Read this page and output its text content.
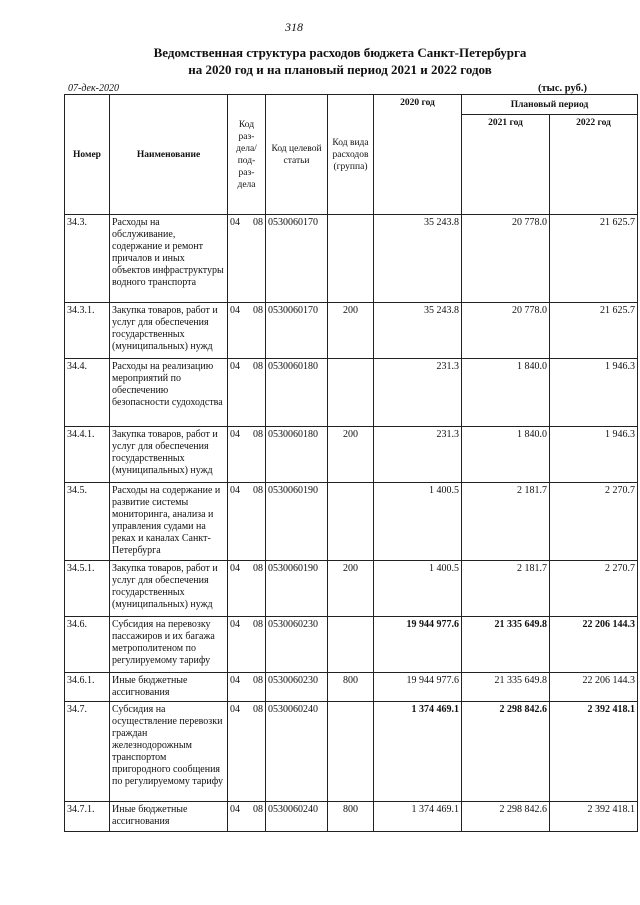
318
Ведомственная структура расходов бюджета Санкт-Петербурга
на 2020 год и на плановый период 2021 и 2022 годов
07-дек-2020	(тыс. руб.)
Номер	Наименование	Код раз- дела/ под- раз- дела	Код целевой статьи	Код вида расходов (группа)	2020 год	Плановый период	
						2021 год	2022 год
34.3.	Расходы на обслуживание, содержание и ремонт причалов и иных объектов инфраструктуры водного транспорта	04 08	0530060170		35 243.8	20 778.0	21 625.7
34.3.1.	Закупка товаров, работ и услуг для обеспечения государственных (муниципальных) нужд	04 08	0530060170	200	35 243.8	20 778.0	21 625.7
34.4.	Расходы на реализацию мероприятий по обеспечению безопасности судоходства	04 08	0530060180		231.3	1 840.0	1 946.3
34.4.1.	Закупка товаров, работ и услуг для обеспечения государственных (муниципальных) нужд	04 08	0530060180	200	231.3	1 840.0	1 946.3
34.5.	Расходы на содержание и развитие системы мониторинга, анализа и управления судами на реках и каналах Санкт-Петербурга	04 08	0530060190		1 400.5	2 181.7	2 270.7
34.5.1.	Закупка товаров, работ и услуг для обеспечения государственных (муниципальных) нужд	04 08	0530060190	200	1 400.5	2 181.7	2 270.7
34.6.	Субсидия на перевозку пассажиров и их багажа метрополитеном по регулируемому тарифу	04 08	0530060230		19 944 977.6	21 335 649.8	22 206 144.3
34.6.1.	Иные бюджетные ассигнования	04 08	0530060230	800	19 944 977.6	21 335 649.8	22 206 144.3
34.7.	Субсидия на осуществление перевозки граждан железнодорожным транспортом пригородного сообщения по регулируемому тарифу	04 08	0530060240		1 374 469.1	2 298 842.6	2 392 418.1
34.7.1.	Иные бюджетные ассигнования	04 08	0530060240	800	1 374 469.1	2 298 842.6	2 392 418.1
